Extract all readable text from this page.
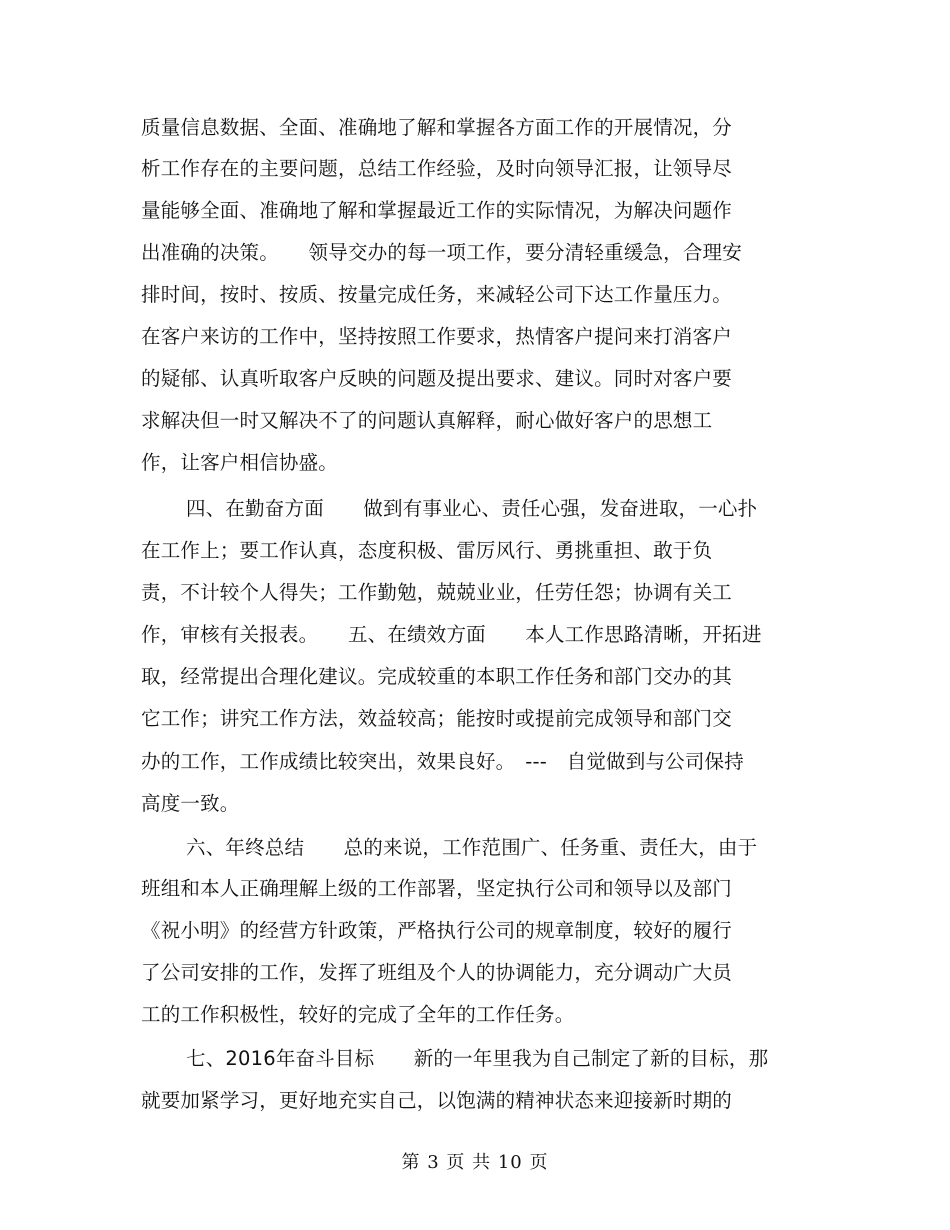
质量信息数据、全面、准确地了解和掌握各方面工作的开展情况，分
析工作存在的主要问题，总结工作经验，及时向领导汇报，让领导尽
量能够全面、准确地了解和掌握最近工作的实际情况，为解决问题作
出准确的决策。　　领导交办的每一项工作，要分清轻重缓急，合理安
排时间，按时、按质、按量完成任务，来减轻公司下达工作量压力。
在客户来访的工作中，坚持按照工作要求，热情客户提问来打消客户
的疑郁、认真听取客户反映的问题及提出要求、建议。同时对客户要
求解决但一时又解决不了的问题认真解释，耐心做好客户的思想工
作，让客户相信协盛。
四、在勤奋方面　　做到有事业心、责任心强，发奋进取，一心扑
在工作上；要工作认真，态度积极、雷厉风行、勇挑重担、敢于负
责，不计较个人得失；工作勤勉，兢兢业业，任劳任怨；协调有关工
作，审核有关报表。　　五、在绩效方面　　本人工作思路清晰，开拓进
取，经常提出合理化建议。完成较重的本职工作任务和部门交办的其
它工作；讲究工作方法，效益较高；能按时或提前完成领导和部门交
办的工作，工作成绩比较突出，效果良好。　---　自觉做到与公司保持
高度一致。
六、年终总结　　总的来说，工作范围广、任务重、责任大，由于
班组和本人正确理解上级的工作部署，坚定执行公司和领导以及部门
《祝小明》的经营方针政策，严格执行公司的规章制度，较好的履行
了公司安排的工作，发挥了班组及个人的协调能力，充分调动广大员
工的工作积极性，较好的完成了全年的工作任务。
七、2016年奋斗目标　　新的一年里我为自己制定了新的目标，那
就要加紧学习，更好地充实自己，以饱满的精神状态来迎接新时期的
第 3 页 共 10 页
